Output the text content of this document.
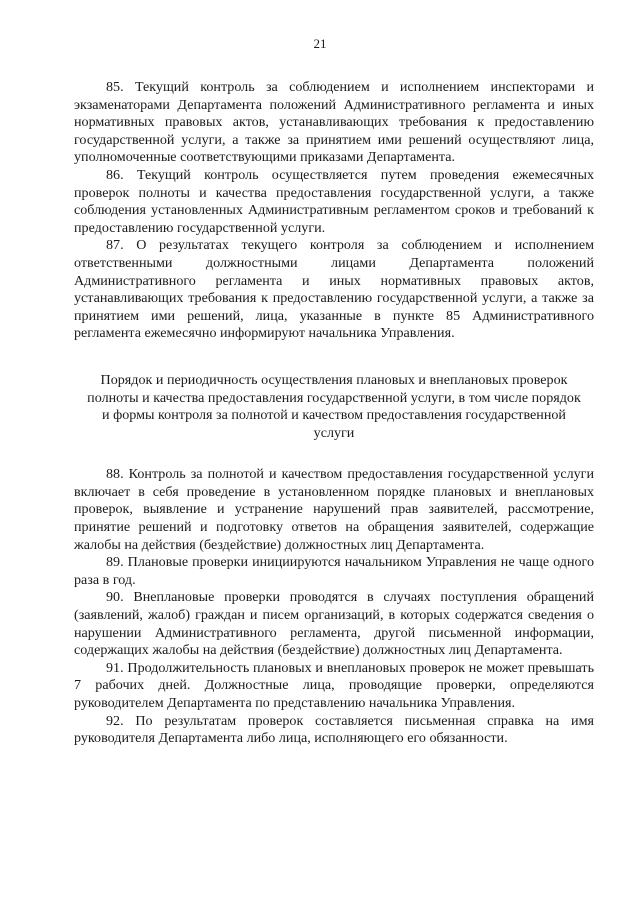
21

85. Текущий контроль за соблюдением и исполнением инспекторами и экзаменаторами Департамента положений Административного регламента и иных нормативных правовых актов, устанавливающих требования к предоставлению государственной услуги, а также за принятием ими решений осуществляют лица, уполномоченные соответствующими приказами Департамента.

86. Текущий контроль осуществляется путем проведения ежемесячных проверок полноты и качества предоставления государственной услуги, а также соблюдения установленных Административным регламентом сроков и требований к предоставлению государственной услуги.

87. О результатах текущего контроля за соблюдением и исполнением ответственными должностными лицами Департамента положений Административного регламента и иных нормативных правовых актов, устанавливающих требования к предоставлению государственной услуги, а также за принятием ими решений, лица, указанные в пункте 85 Административного регламента ежемесячно информируют начальника Управления.

Порядок и периодичность осуществления плановых и внеплановых проверок полноты и качества предоставления государственной услуги, в том числе порядок и формы контроля за полнотой и качеством предоставления государственной услуги

88. Контроль за полнотой и качеством предоставления государственной услуги включает в себя проведение в установленном порядке плановых и внеплановых проверок, выявление и устранение нарушений прав заявителей, рассмотрение, принятие решений и подготовку ответов на обращения заявителей, содержащие жалобы на действия (бездействие) должностных лиц Департамента.

89. Плановые проверки инициируются начальником Управления не чаще одного раза в год.

90. Внеплановые проверки проводятся в случаях поступления обращений (заявлений, жалоб) граждан и писем организаций, в которых содержатся сведения о нарушении Административного регламента, другой письменной информации, содержащих жалобы на действия (бездействие) должностных лиц Департамента.

91. Продолжительность плановых и внеплановых проверок не может превышать 7 рабочих дней. Должностные лица, проводящие проверки, определяются руководителем Департамента по представлению начальника Управления.

92. По результатам проверок составляется письменная справка на имя руководителя Департамента либо лица, исполняющего его обязанности.
